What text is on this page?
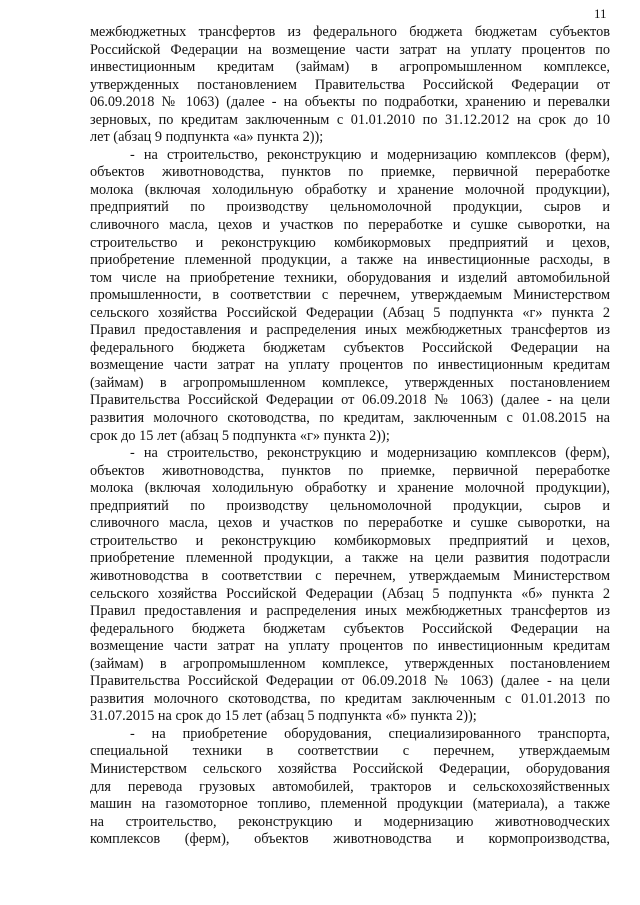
11
межбюджетных трансфертов из федерального бюджета бюджетам субъектов
Российской Федерации на возмещение части затрат на уплату процентов по
инвестиционным кредитам (займам) в агропромышленном комплексе,
утвержденных постановлением Правительства Российской Федерации от
06.09.2018 № 1063) (далее - на объекты по подработки, хранению и перевалки
зерновых, по кредитам заключенным с 01.01.2010 по 31.12.2012 на срок до 10
лет (абзац 9 подпункта «а» пункта 2));
- на строительство, реконструкцию и модернизацию комплексов (ферм),
объектов животноводства, пунктов по приемке, первичной переработке
молока (включая холодильную обработку и хранение молочной продукции),
предприятий по производству цельномолочной продукции, сыров и
сливочного масла, цехов и участков по переработке и сушке сыворотки, на
строительство и реконструкцию комбикормовых предприятий и цехов,
приобретение племенной продукции, а также на инвестиционные расходы, в
том числе на приобретение техники, оборудования и изделий автомобильной
промышленности, в соответствии с перечнем, утверждаемым Министерством
сельского хозяйства Российской Федерации (Абзац 5 подпункта «г» пункта 2
Правил предоставления и распределения иных межбюджетных трансфертов из
федерального бюджета бюджетам субъектов Российской Федерации на
возмещение части затрат на уплату процентов по инвестиционным кредитам
(займам) в агропромышленном комплексе, утвержденных постановлением
Правительства Российской Федерации от 06.09.2018 № 1063) (далее - на цели
развития молочного скотоводства, по кредитам, заключенным с 01.08.2015 на
срок до 15 лет (абзац 5 подпункта «г» пункта 2));
- на строительство, реконструкцию и модернизацию комплексов (ферм),
объектов животноводства, пунктов по приемке, первичной переработке
молока (включая холодильную обработку и хранение молочной продукции),
предприятий по производству цельномолочной продукции, сыров и
сливочного масла, цехов и участков по переработке и сушке сыворотки, на
строительство и реконструкцию комбикормовых предприятий и цехов,
приобретение племенной продукции, а также на цели развития подотрасли
животноводства в соответствии с перечнем, утверждаемым Министерством
сельского хозяйства Российской Федерации (Абзац 5 подпункта «б» пункта 2
Правил предоставления и распределения иных межбюджетных трансфертов из
федерального бюджета бюджетам субъектов Российской Федерации на
возмещение части затрат на уплату процентов по инвестиционным кредитам
(займам) в агропромышленном комплексе, утвержденных постановлением
Правительства Российской Федерации от 06.09.2018 № 1063) (далее - на цели
развития молочного скотоводства, по кредитам заключенным с 01.01.2013 по
31.07.2015 на срок до 15 лет (абзац 5 подпункта «б» пункта 2));
- на приобретение оборудования, специализированного транспорта,
специальной техники в соответствии с перечнем, утверждаемым
Министерством сельского хозяйства Российской Федерации, оборудования
для перевода грузовых автомобилей, тракторов и сельскохозяйственных
машин на газомоторное топливо, племенной продукции (материала), а также
на строительство, реконструкцию и модернизацию животноводческих
комплексов (ферм), объектов животноводства и кормопроизводства,
